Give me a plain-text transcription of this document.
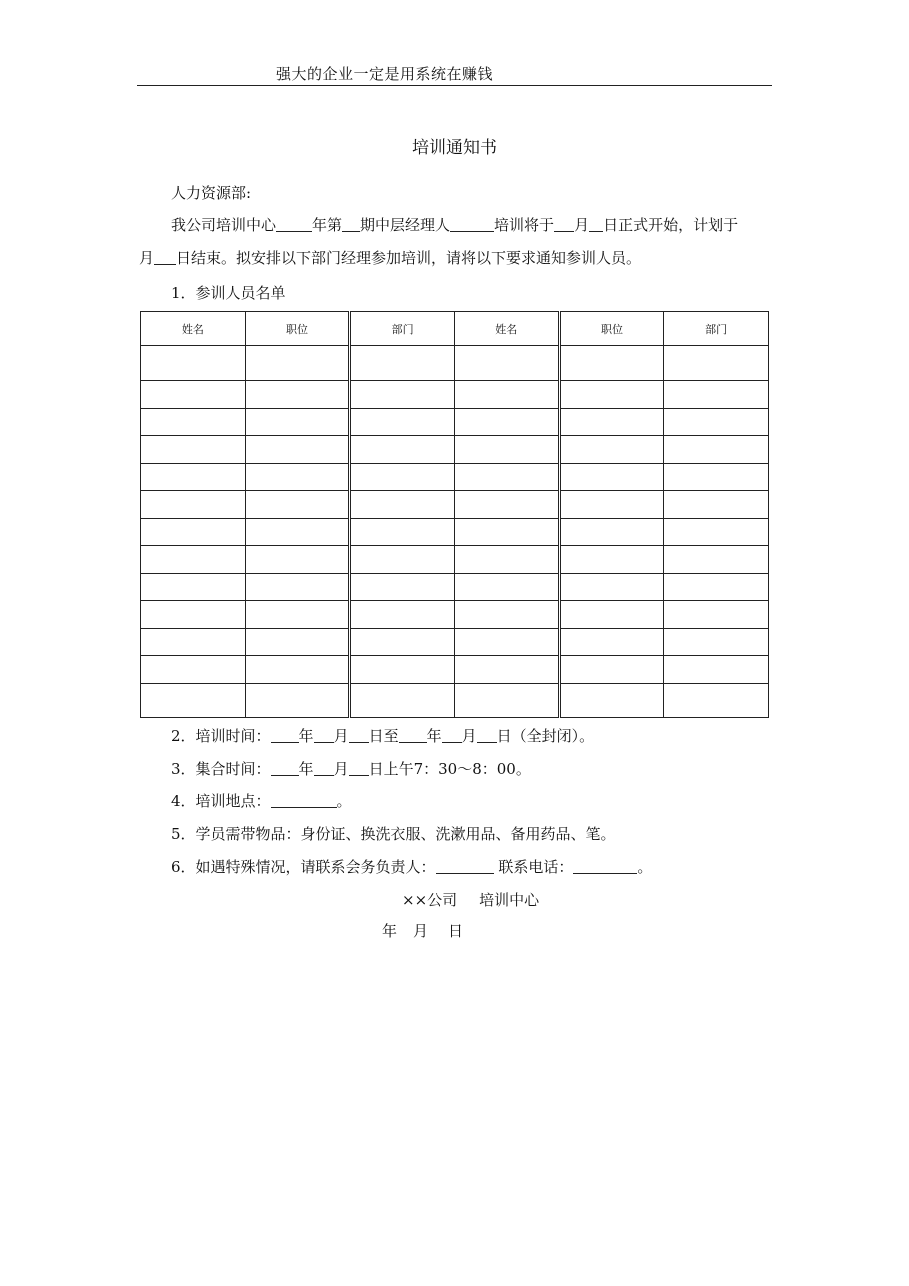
强大的企业一定是用系统在赚钱
培训通知书
人力资源部:
我公司培训中心 年第 期中层经理人	培训将于 月 日正式开始，计划于
月 日结束。拟安排以下部门经理参加培训，请将以下要求通知参训人员。
1．参训人员名单
姓名	职位	部门	姓名	职位	部门

2．培训时间： 年 月 日至 年 月 日（全封闭）。
3．集合时间： 年 月 日上午7：30～8：00。
4．培训地点：	。
5．学员需带物品：身份证、换洗衣服、洗漱用品、备用药品、笔。
6．如遇特殊情况，请联系会务负责人：	联系电话：	。
××公司 培训中心
年 月 日
